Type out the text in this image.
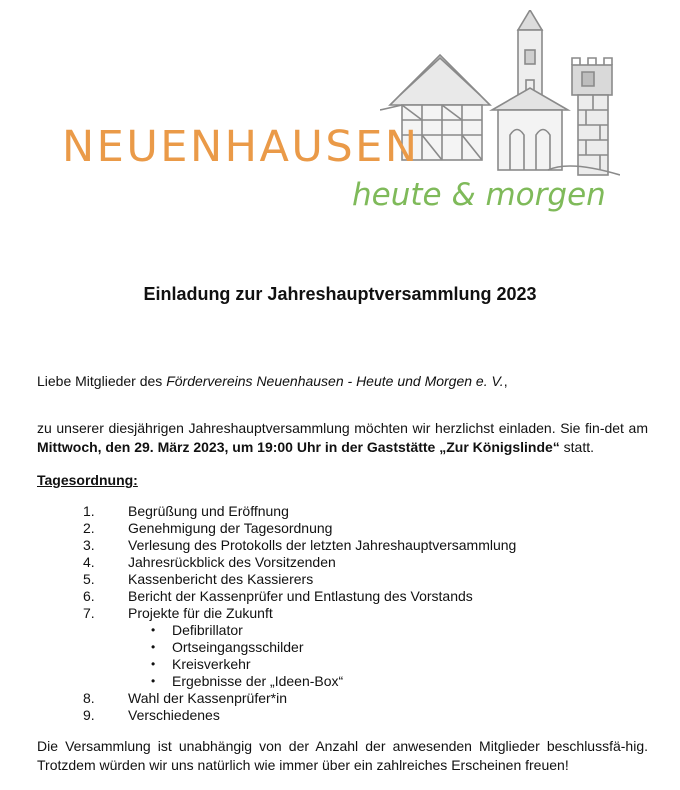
NEUENHAUSEN
heute & morgen
Einladung zur Jahreshauptversammlung 2023
Liebe Mitglieder des Fördervereins Neuenhausen - Heute und Morgen e. V.,
zu unserer diesjährigen Jahreshauptversammlung möchten wir herzlichst einladen. Sie fin-det am Mittwoch, den 29. März 2023, um 19:00 Uhr in der Gaststätte „Zur Königslinde“ statt.
Tagesordnung:
1. Begrüßung und Eröffnung
2. Genehmigung der Tagesordnung
3. Verlesung des Protokolls der letzten Jahreshauptversammlung
4. Jahresrückblick des Vorsitzenden
5. Kassenbericht des Kassierers
6. Bericht der Kassenprüfer und Entlastung des Vorstands
7. Projekte für die Zukunft
• Defibrillator
• Ortseingangsschilder
• Kreisverkehr
• Ergebnisse der „Ideen-Box“
8. Wahl der Kassenprüfer*in
9. Verschiedenes
Die Versammlung ist unabhängig von der Anzahl der anwesenden Mitglieder beschlussfä-hig. Trotzdem würden wir uns natürlich wie immer über ein zahlreiches Erscheinen freuen!
